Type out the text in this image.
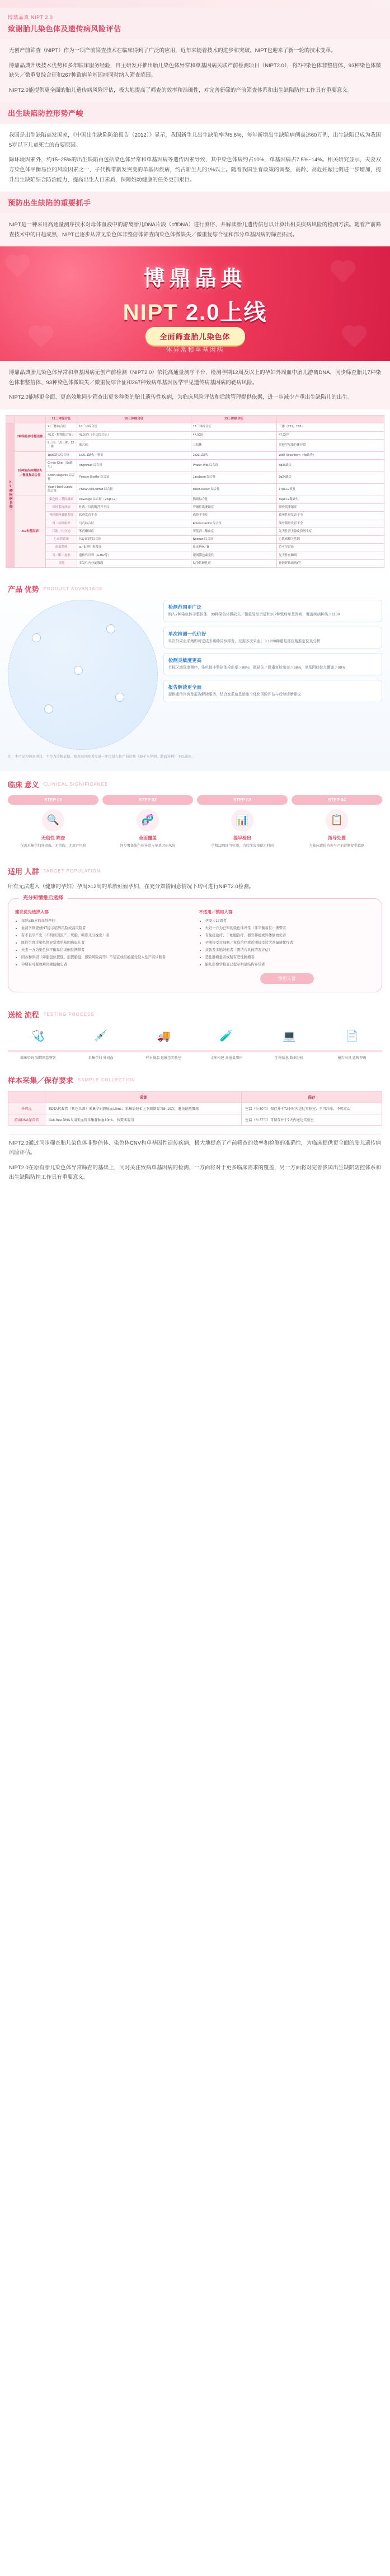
博鼎晶典 NIPT 2.0
致谢胎儿染色体及遗传病风险评估

无创产前筛查（NIPT）作为一项产前筛查技术在临床得到了广泛的应用，近年来随着技术的进步和突破，NIPT也迎来了新一轮的技术变革。

博鼎晶典升级技术优势和多年临床服务经验，自主研发并推出胎儿染色体异常和单基因病关联产前检测项目（NIPT2.0），将7种染色体非整倍体、93种染色体微缺失／微重复综合征和267种致病单基因病同时纳入筛查范围。

NIPT2.0能提供更全面的胎儿遗传病风险评估，极大地提高了筛查的效率和准确性，对完善新筛的产前筛查体系和出生缺陷防控工作具有重要意义。

出生缺陷防控形势严峻

我国是出生缺陷高发国家，《中国出生缺陷防治报告（2012）》显示，我国新生儿出生缺陷率为5.6%，每年新增出生缺陷病例高达60万例，出生缺陷已成为我国5岁以下儿童死亡的首要原因。

除环境因素外，约15~25%的出生缺陷由包括染色体异常和单基因病等遗传因素导致，其中染色体病约占10%，单基因病占7.5%~14%。相关研究显示，夫妻双方染色体平衡易位的风险因素之一，子代携带新发突变的单基因疾病，约占新生儿的1%以上。随着我国生育政策的调整，高龄、高危妊娠比例进一步增加，提升出生缺陷综合防治能力，提高出生人口素质，保障妇幼健康的任务更加艰巨。

预防出生缺陷的重要抓手

NIPT是一种采用高通量测序技术对母体血液中的游离胎儿DNA片段（cffDNA）进行测序、并解读胎儿遗传信息以计算出相关疾病风险的检测方法。随着产前筛查技术中的日趋成熟，NIPT已逐步从常见染色体非整倍体筛查向染色体微缺失／微重复综合征和部分单基因病的筛查拓展。

博鼎晶典
NIPT 2.0上线
全面筛查胎儿染色体
体异常和单基因病

博鼎晶典胎儿染色体异常和单基因病无创产前检测（NIPT2.0）依托高通量测序平台，检测孕期12周及以上的孕妇外周血中胎儿游离DNA，同步筛查胎儿7种染色体非整倍体、93种染色体微缺失／微重复综合征和267种致病单基因医学罕见遗传病基因病的靶病风险。

NIPT2.0能够更全面、更高效地同步筛查出更多种类的胎儿遗传性疾病，为临床风险评估和后续管理提供依据，进一步减少产重出生缺陷儿的出生。

		21三体综合征	18三体综合征	13三体综合征	
21种疾病名称	7种染色体非整倍体	21三体综合征	18三体综合征	13三体综合征	三体（T21、T18）
		45,X（特纳综合征）	47,XXY（克氏综合征）	47,XXX	47,XYY
		9三体、16三体、22三体	嵌合体	三倍体	其他罕见染色体异常
	93种染色体微缺失／微重复综合征	1p36缺失综合征	1q21.1缺失／重复	2q33.1缺失	Wolf-Hirschhorn（4p缺失）
		Cri-du-Chat（5p缺失）	Angelman 综合征	Prader-Willi 综合征	5q35缺失
		Smith-Magenis 综合征	Potocki-Shaffer 综合征	Jacobsen 综合征	8q24缺失
		Yuan-Harel-Lupski 综合征	Phelan-McDermid 综合征	Miller-Dieker 综合征	17p11.2重复
	267种基因病	染色体／基因组病	DiGeorge 综合征（22q11.2）	猫眼综合征	16p11.2微缺失
		神经系统疾病	杜氏／贝氏肌营养不良	脊髓性肌萎缩症	腓骨肌萎缩症
		神经肌肉骨骼系统	软骨发育不全	成骨不全症	致死性骨发育不全
		骨／结缔组织	马凡综合征	Ehlers-Danlos 综合征	颅骨锁骨发育不全
		代谢／内分泌	苯丙酮尿症	甲基丙二酸血症	先天性肾上腺皮质增生症
		心血管系统	长QT间期综合征	Noonan 综合征	心肌病相关基因
		血液系统	α／β-地中海贫血	血友病A／B	范可尼贫血
		耳／眼／皮肤	遗传性耳聋（GJB2等）	视网膜色素变性	先天性鱼鳞病
		其他	多发性内分泌腺瘤	结节性硬化症	神经纤维瘤病I型
产品 优势 PRODUCT ADVANTAGE
检测范围更广泛
纳入7种染色体非整倍体、93种染色体微缺失／微重复综合征和267种致病单基因病，覆盖疾病种类＞1100
单次检测一代价好
单次外周血采集即可完成多病种同步筛查，无需多次采血；＞1200种重复部位精准定位及分析
检测灵敏度更高
目标区域深度测序，染色体非整倍体检出率＞99%，微缺失／微重复检出率＞98%，单基因病位点覆盖＞99%
报告解读更全面
提供遗传咨询及报告解读服务，结合家系信息给出个体化风险评估与后续诊断建议
注：本产品为筛查项目，不作为诊断依据。筛查高风险者需进一步行侵入性产前诊断（如羊水穿刺、脐血穿刺）予以确诊。
临床 意义 CLINICAL SIGNIFICANCE
STEP 01
🔍
无创性 筛查
仅需采集孕妇外周血，无创伤、无流产风险
STEP 02
🧬
全面覆盖
同步覆盖染色体异常与单基因病风险
STEP 03
📊
提早检出
孕期12周即可检测，为后续决策留足时间
STEP 04
📋
指导处置
为临床遗传咨询与产前诊断提供依据
适用 人群 TARGET POPULATION

所有无法进入（健康的孕妇）孕周≥12周的单胎妊娠孕妇，在充分知情同意情况下均可进行NIPT2.0检测。

充分知情推后选择

建议优先选择人群

• 年龄≥35岁的高龄孕妇
• 血清学筛查或NT提示临界风险或高风险者
• 有不良孕产史（不明原因流产、死胎、畸形儿分娩史）者
• 既往生育过染色体异常或单基因病患儿者
• 夫妻一方为染色体平衡易位或倒位携带者
• 因各种原因（如胎盘位置低、前置胎盘、感染风险高等）不适宜或拒绝接受侵入性产前诊断者
• 孕期有可疑致畸因素接触史者

不适用／慎用人群

• 孕周＜12周者
• 夫妇一方为已知的染色体异常（非平衡易位）携带者
• 有免疫治疗、干细胞治疗、器官移植或异体输血史者
• 孕期接受过细胞／免疫治疗或近期接受过大剂量放化疗者
• 双胎及多胎妊娠者（需结合具体情况评估）
• 恶性肿瘤患者或疑有恶性肿瘤者
• 胎儿影像学检查已提示明显结构异常者
慎用人群
送检 流程 TESTING PROCESS
🩺	💉	🚚	🧪	💻	📄
临床咨询 知情同意签署	采集孕妇 外周血	样本低温 运输至实验室	文库构建 高通量测序	生物信息 数据分析	报告出具 遗传咨询
样本采集／保存要求 SAMPLE COLLECTION
	采集	保存
外周血	EDTA抗凝管（紫色头盖）采集孕妇静脉血10mL，采集后轻柔上下颠倒混匀8~10次，避免剧烈震荡	室温（4~30℃）保存并于72小时内送达实验室；不可冷冻，不可离心
游离DNA保存管	Cell-free DNA专用采血管采集静脉血10mL，按要求混匀	室温（6~37℃）可保存并于7天内送达实验室

NIPT2.0通过同步筛查胎儿染色体非整倍体、染色体CNV和单基因性遗传疾病，极大地提高了产前筛查的效率和检测的准确性，为临床提供更全面的胎儿遗传病风险评估。

NIPT2.0在原有胎儿染色体异常筛查的基础上，同时关注致病单基因病的检测，一方面将对于更多临床需求的覆盖，另一方面将对完善我国出生缺陷防控体系和出生缺陷防控工作具有重要意义。
